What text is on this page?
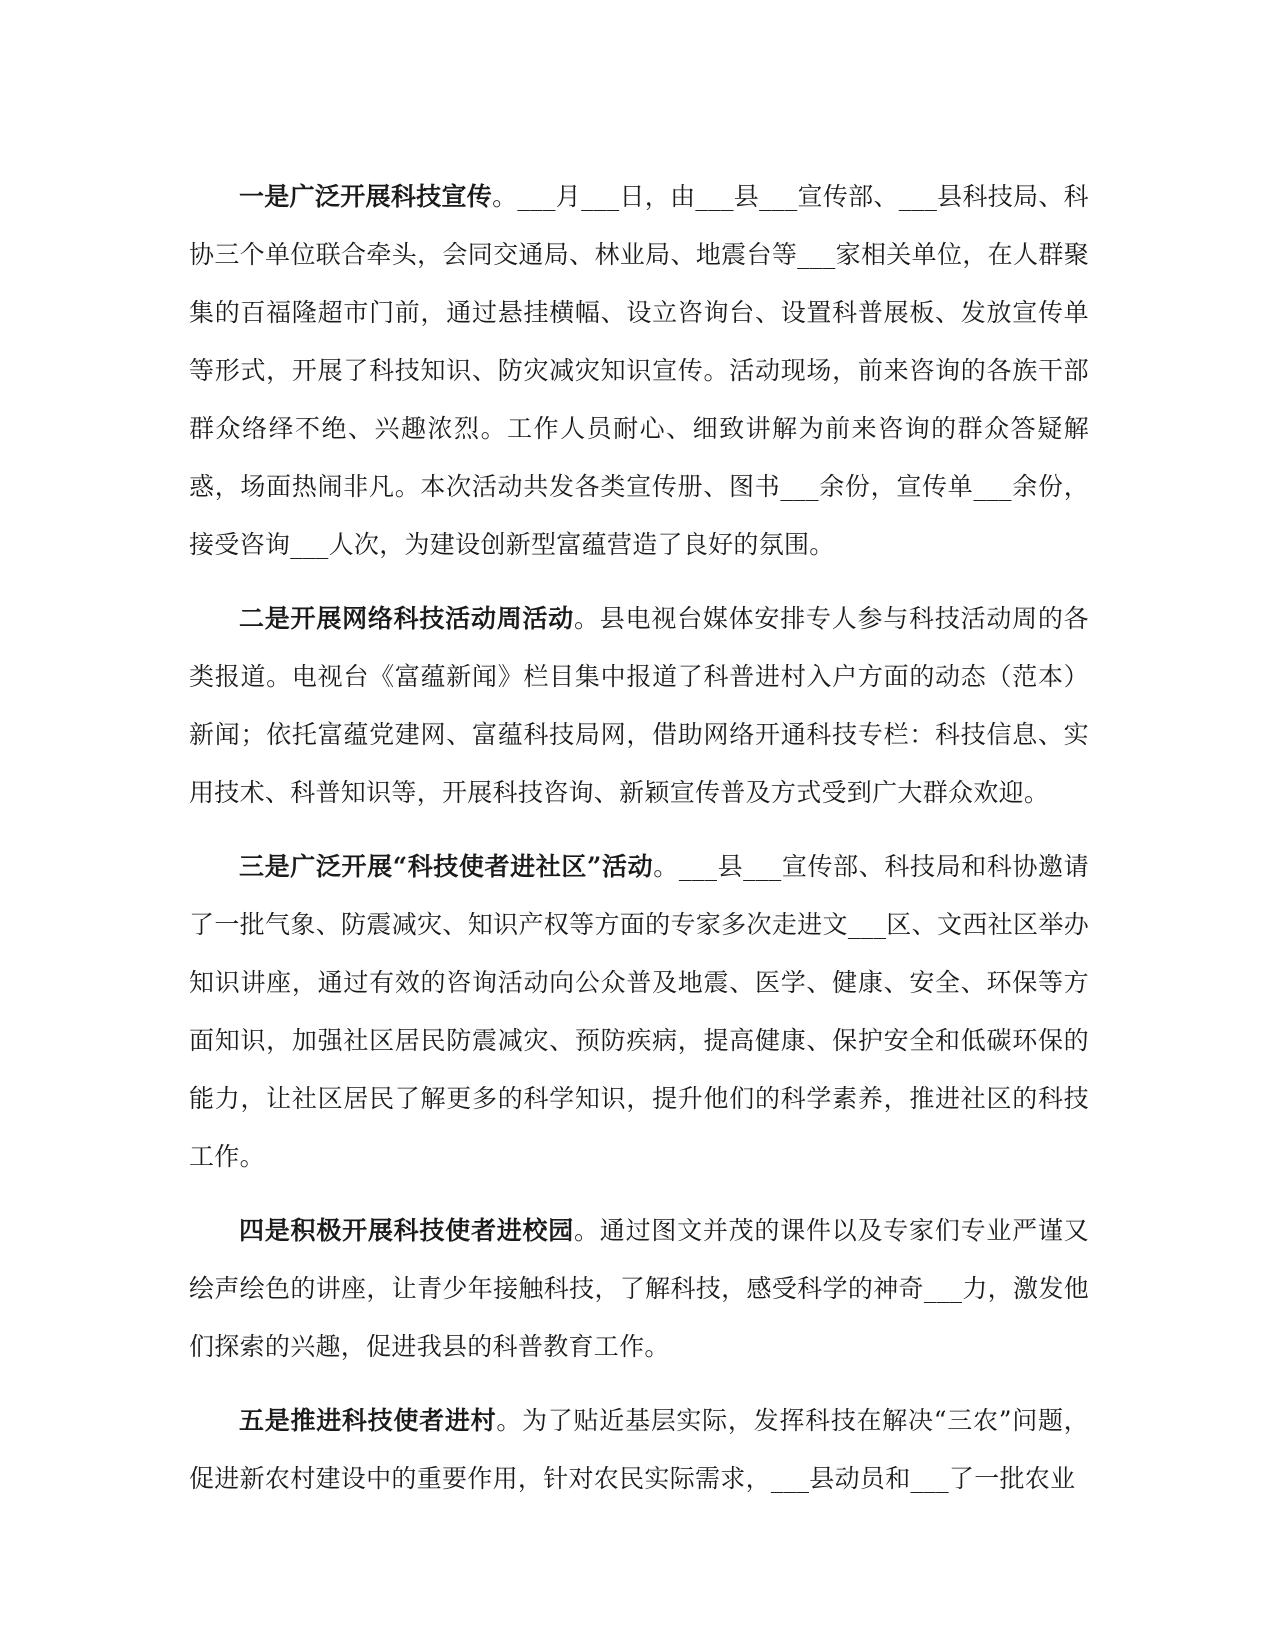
一是广泛开展科技宣传。___月___日，由___县___宣传部、___县科技局、科协三个单位联合牵头，会同交通局、林业局、地震台等___家相关单位，在人群聚集的百福隆超市门前，通过悬挂横幅、设立咨询台、设置科普展板、发放宣传单等形式，开展了科技知识、防灾减灾知识宣传。活动现场，前来咨询的各族干部群众络绎不绝、兴趣浓烈。工作人员耐心、细致讲解为前来咨询的群众答疑解惑，场面热闹非凡。本次活动共发各类宣传册、图书___余份，宣传单___余份，接受咨询___人次，为建设创新型富蕴营造了良好的氛围。

二是开展网络科技活动周活动。县电视台媒体安排专人参与科技活动周的各类报道。电视台《富蕴新闻》栏目集中报道了科普进村入户方面的动态（范本）新闻；依托富蕴党建网、富蕴科技局网，借助网络开通科技专栏：科技信息、实用技术、科普知识等，开展科技咨询、新颖宣传普及方式受到广大群众欢迎。

三是广泛开展“科技使者进社区”活动。___县___宣传部、科技局和科协邀请了一批气象、防震减灾、知识产权等方面的专家多次走进文___区、文西社区举办知识讲座，通过有效的咨询活动向公众普及地震、医学、健康、安全、环保等方面知识，加强社区居民防震减灾、预防疾病，提高健康、保护安全和低碳环保的能力，让社区居民了解更多的科学知识，提升他们的科学素养，推进社区的科技工作。

四是积极开展科技使者进校园。通过图文并茂的课件以及专家们专业严谨又绘声绘色的讲座，让青少年接触科技，了解科技，感受科学的神奇___力，激发他们探索的兴趣，促进我县的科普教育工作。

五是推进科技使者进村。为了贴近基层实际，发挥科技在解决“三农”问题，促进新农村建设中的重要作用，针对农民实际需求，___县动员和___了一批农业
